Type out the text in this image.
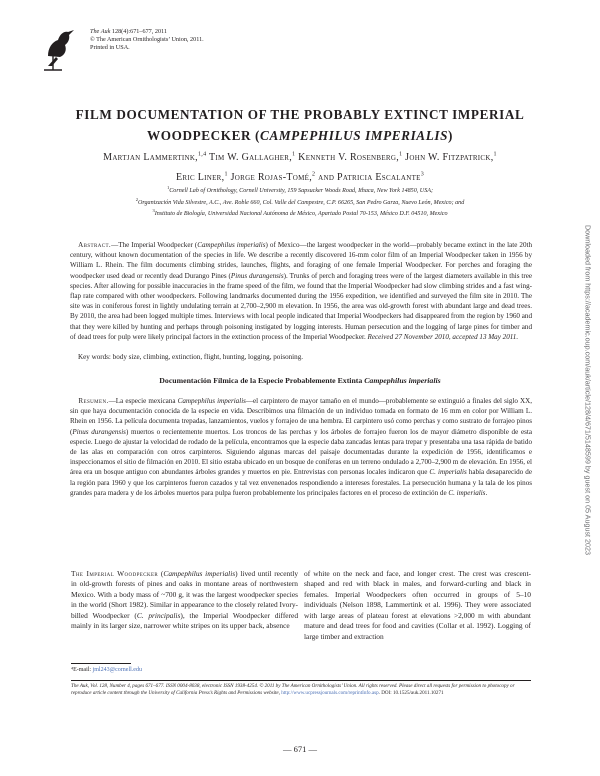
The Auk 128(4):671–677, 2011
© The American Ornithologists’ Union, 2011.
Printed in USA.
FILM DOCUMENTATION OF THE PROBABLY EXTINCT IMPERIAL
WOODPECKER (CAMPEPHILUS IMPERIALIS)
Martjan Lammertink,$^{1,4}$ Tim W. Gallagher,$^1$ Kenneth V. Rosenberg,$^1$ John W. Fitzpatrick,$^1$
Eric Liner,$^1$ Jorge Rojas-Tomé,$^2$ and Patricia Escalante$^3$
$^1$Cornell Lab of Ornithology, Cornell University, 159 Sapsucker Woods Road, Ithaca, New York 14850, USA;
$^2$Organización Vida Silvestre, A.C., Ave. Roble 660, Col. Valle del Campestre, C.P. 66265, San Pedro Garza, Nuevo León, Mexico; and
$^3$Instituto de Biología, Universidad Nacional Autónoma de México, Apartado Postal 70-153, México D.F. 04510, Mexico
Abstract.—The Imperial Woodpecker (Campephilus imperialis) of Mexico—the largest woodpecker in the world—probably became extinct in the late 20th century, without known documentation of the species in life. We describe a recently discovered 16-mm color film of an Imperial Woodpecker taken in 1956 by William L. Rhein. The film documents climbing strides, launches, flights, and foraging of one female Imperial Woodpecker. For perches and foraging the woodpecker used dead or recently dead Durango Pines (Pinus durangensis). Trunks of perch and foraging trees were of the largest diameters available in this tree species. After allowing for possible inaccuracies in the frame speed of the film, we found that the Imperial Woodpecker had slow climbing strides and a fast wing-flap rate compared with other woodpeckers. Following landmarks documented during the 1956 expedition, we identified and surveyed the film site in 2010. The site was in coniferous forest in lightly undulating terrain at 2,700–2,900 m elevation. In 1956, the area was old-growth forest with abundant large and dead trees. By 2010, the area had been logged multiple times. Interviews with local people indicated that Imperial Woodpeckers had disappeared from the region by 1960 and that they were killed by hunting and perhaps through poisoning instigated by logging interests. Human persecution and the logging of large pines for timber and of dead trees for pulp were likely principal factors in the extinction process of the Imperial Woodpecker. Received 27 November 2010, accepted 13 May 2011.
Key words: body size, climbing, extinction, flight, hunting, logging, poisoning.
Documentación Fílmica de la Especie Probablemente Extinta Campephilus imperialis
Resumen.—La especie mexicana Campephilus imperialis—el carpintero de mayor tamaño en el mundo—probablemente se extinguió a finales del siglo XX, sin que haya documentación conocida de la especie en vida. Describimos una filmación de un individuo tomada en formato de 16 mm en color por William L. Rhein en 1956. La película documenta trepadas, lanzamientos, vuelos y forrajeo de una hembra. El carpintero usó como perchas y como sustrato de forrajeo pinos (Pinus durangensis) muertos o recientemente muertos. Los troncos de las perchas y los árboles de forrajeo fueron los de mayor diámetro disponible de esta especie. Luego de ajustar la velocidad de rodado de la película, encontramos que la especie daba zancadas lentas para trepar y presentaba una tasa rápida de batido de las alas en comparación con otros carpinteros. Siguiendo algunas marcas del paisaje documentadas durante la expedición de 1956, identificamos e inspeccionamos el sitio de filmación en 2010. El sitio estaba ubicado en un bosque de coníferas en un terreno ondulado a 2,700–2,900 m de elevación. En 1956, el área era un bosque antiguo con abundantes árboles grandes y muertos en pie. Entrevistas con personas locales indicaron que C. imperialis había desaparecido de la región para 1960 y que los carpinteros fueron cazados y tal vez envenenados respondiendo a intereses forestales. La persecución humana y la tala de los pinos grandes para madera y de los árboles muertos para pulpa fueron probablemente los principales factores en el proceso de extinción de C. imperialis.
The Imperial Woodpecker (Campephilus imperialis) lived until recently in old-growth forests of pines and oaks in montane areas of northwestern Mexico. With a body mass of ~700 g, it was the largest woodpecker species in the world (Short 1982). Similar in appearance to the closely related Ivory-billed Woodpecker (C. principalis), the Imperial Woodpecker differed mainly in its larger size, narrower white stripes on its upper back, absence
of white on the neck and face, and longer crest. The crest was crescent-shaped and red with black in males, and forward-curling and black in females. Imperial Woodpeckers often occurred in groups of 5–10 individuals (Nelson 1898, Lammertink et al. 1996). They were associated with large areas of plateau forest at elevations >2,000 m with abundant mature and dead trees for food and cavities (Collar et al. 1992). Logging of large timber and extraction
⁴E-mail: jml243@cornell.edu
The Auk, Vol. 128, Number 4, pages 671–677. ISSN 0004-8038, electronic ISSN 1938-4254. © 2011 by The American Ornithologists’ Union. All rights reserved. Please direct all requests for permission to photocopy or reproduce article content through the University of California Press’s Rights and Permissions website, http://www.ucpressjournals.com/reprintInfo.asp. DOI: 10.1525/auk.2011.10271
— 671 —
Downloaded from https://academic.oup.com/auk/article/128/4/671/5148599 by guest on 05 August 2023
